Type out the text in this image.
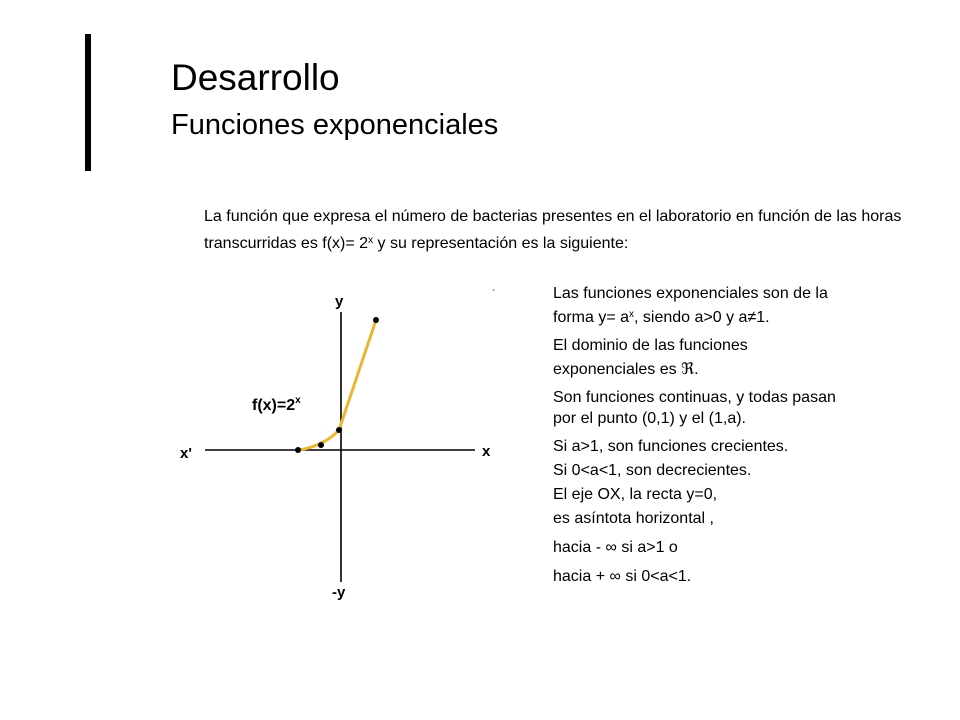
Desarrollo
Funciones exponenciales

La función que expresa el número de bacterias presentes en el laboratorio en función de las horas transcurridas es $f(x)= 2^x$ y su representación es la siguiente:

y
-y
x'	x
$f(x)=2^x$
-	Las funciones exponenciales son de la forma $y= a^x$, siendo a>0 y a≠1.
El dominio de las funciones exponenciales es ℜ.
Son funciones continuas, y todas pasan por el punto (0,1) y el (1,a).
Si a>1, son funciones crecientes.
Si 0<a<1, son decrecientes.
El eje OX, la recta y=0,
es asíntota horizontal ,
hacia - ∞ si a>1 o
hacia + ∞ si 0<a<1.
